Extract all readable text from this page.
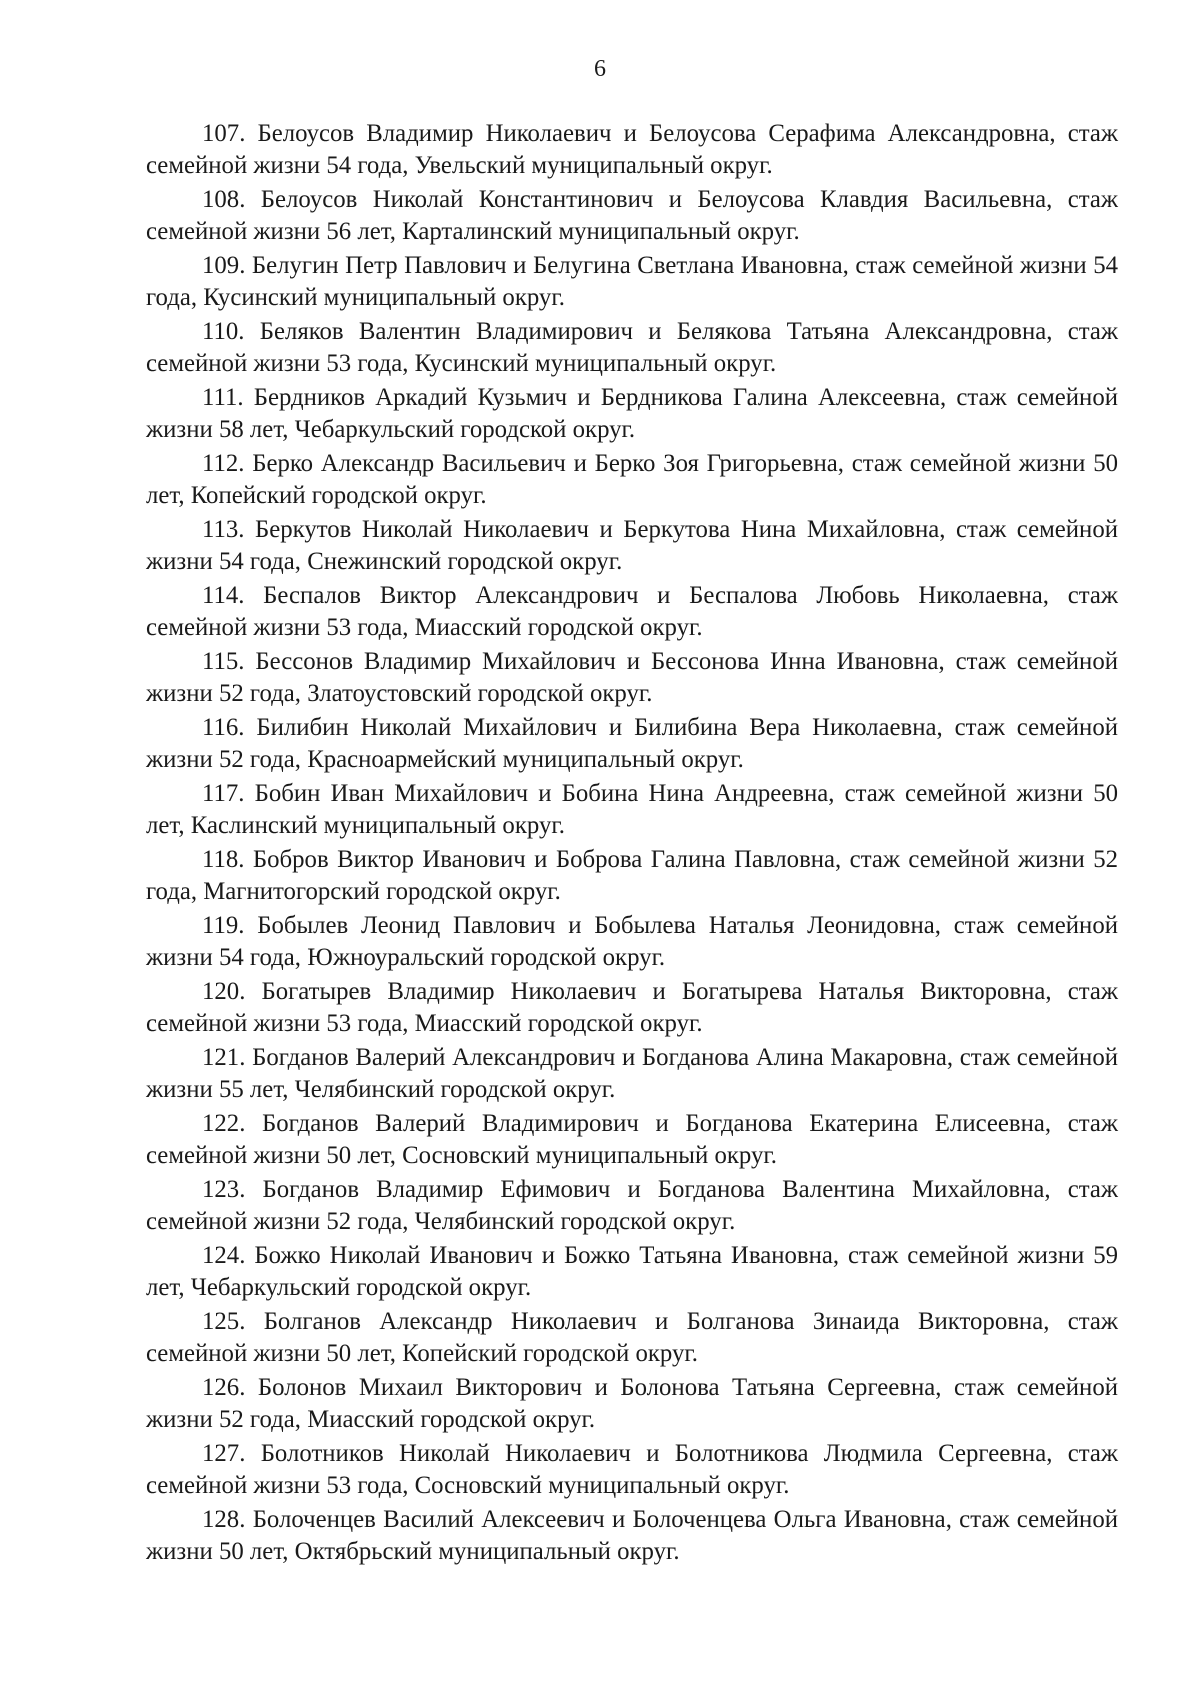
6
107. Белоусов Владимир Николаевич и Белоусова Серафима Александровна, стаж семейной жизни 54 года, Увельский муниципальный округ.
108. Белоусов Николай Константинович и Белоусова Клавдия Васильевна, стаж семейной жизни 56 лет, Карталинский муниципальный округ.
109. Белугин Петр Павлович и Белугина Светлана Ивановна, стаж семейной жизни 54 года, Кусинский муниципальный округ.
110. Беляков Валентин Владимирович и Белякова Татьяна Александровна, стаж семейной жизни 53 года, Кусинский муниципальный округ.
111. Бердников Аркадий Кузьмич и Бердникова Галина Алексеевна, стаж семейной жизни 58 лет, Чебаркульский городской округ.
112. Берко Александр Васильевич и Берко Зоя Григорьевна, стаж семейной жизни 50 лет, Копейский городской округ.
113. Беркутов Николай Николаевич и Беркутова Нина Михайловна, стаж семейной жизни 54 года, Снежинский городской округ.
114. Беспалов Виктор Александрович и Беспалова Любовь Николаевна, стаж семейной жизни 53 года, Миасский городской округ.
115. Бессонов Владимир Михайлович и Бессонова Инна Ивановна, стаж семейной жизни 52 года, Златоустовский городской округ.
116. Билибин Николай Михайлович и Билибина Вера Николаевна, стаж семейной жизни 52 года, Красноармейский муниципальный округ.
117. Бобин Иван Михайлович и Бобина Нина Андреевна, стаж семейной жизни 50 лет, Каслинский муниципальный округ.
118. Бобров Виктор Иванович и Боброва Галина Павловна, стаж семейной жизни 52 года, Магнитогорский городской округ.
119. Бобылев Леонид Павлович и Бобылева Наталья Леонидовна, стаж семейной жизни 54 года, Южноуральский городской округ.
120. Богатырев Владимир Николаевич и Богатырева Наталья Викторовна, стаж семейной жизни 53 года, Миасский городской округ.
121. Богданов Валерий Александрович и Богданова Алина Макаровна, стаж семейной жизни 55 лет, Челябинский городской округ.
122. Богданов Валерий Владимирович и Богданова Екатерина Елисеевна, стаж семейной жизни 50 лет, Сосновский муниципальный округ.
123. Богданов Владимир Ефимович и Богданова Валентина Михайловна, стаж семейной жизни 52 года, Челябинский городской округ.
124. Божко Николай Иванович и Божко Татьяна Ивановна, стаж семейной жизни 59 лет, Чебаркульский городской округ.
125. Болганов Александр Николаевич и Болганова Зинаида Викторовна, стаж семейной жизни 50 лет, Копейский городской округ.
126. Болонов Михаил Викторович и Болонова Татьяна Сергеевна, стаж семейной жизни 52 года, Миасский городской округ.
127. Болотников Николай Николаевич и Болотникова Людмила Сергеевна, стаж семейной жизни 53 года, Сосновский муниципальный округ.
128. Болоченцев Василий Алексеевич и Болоченцева Ольга Ивановна, стаж семейной жизни 50 лет, Октябрьский муниципальный округ.
